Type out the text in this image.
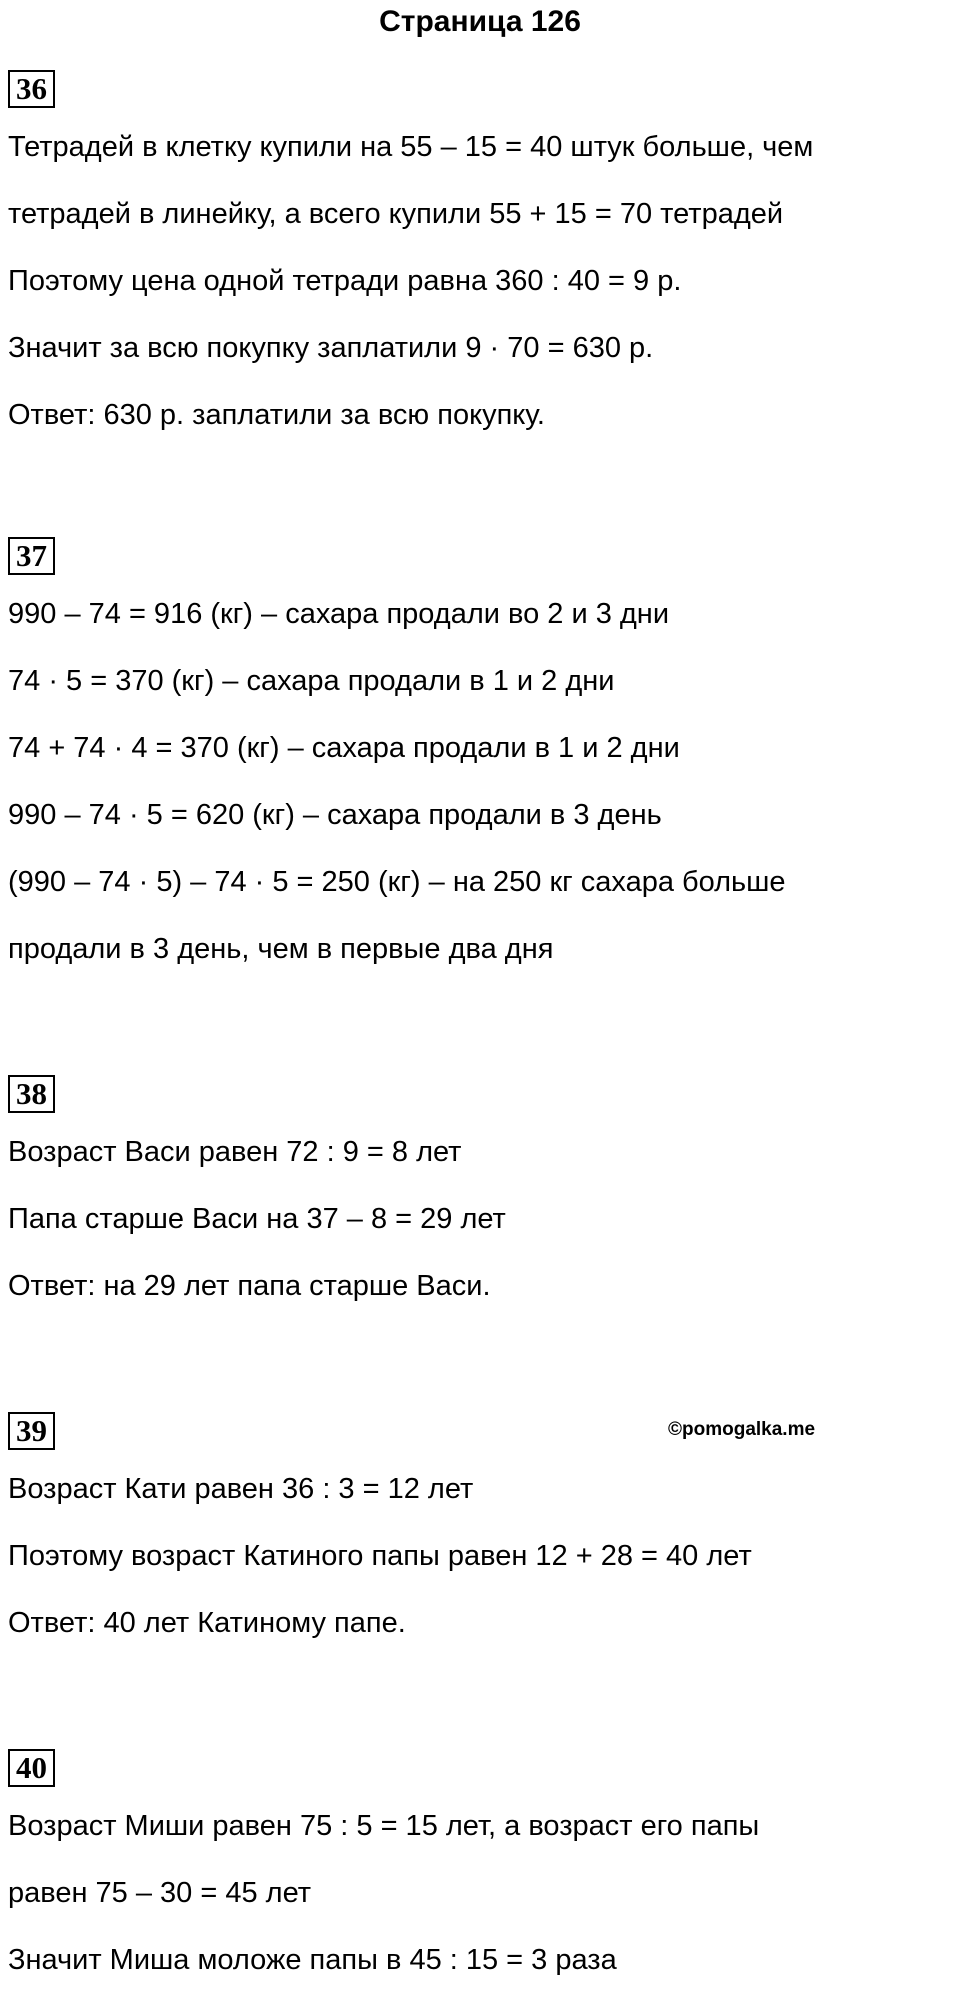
Страница 126
36
Тетрадей в клетку купили на 55 – 15 = 40 штук больше, чем
тетрадей в линейку, а всего купили 55 + 15 = 70 тетрадей
Поэтому цена одной тетради равна 360 : 40 = 9 р.
Значит за всю покупку заплатили 9 · 70 = 630 р.
Ответ: 630 р. заплатили за всю покупку.
37
990 – 74 = 916 (кг) – сахара продали во 2 и 3 дни
74 · 5 = 370 (кг) – сахара продали в 1 и 2 дни
74 + 74 · 4 = 370 (кг) – сахара продали в 1 и 2 дни
990 – 74 · 5 = 620 (кг) – сахара продали в 3 день
(990 – 74 · 5) – 74 · 5 = 250 (кг) – на 250 кг сахара больше
продали в 3 день, чем в первые два дня
38
Возраст Васи равен 72 : 9 = 8 лет
Папа старше Васи на 37 – 8 = 29 лет
Ответ: на 29 лет папа старше Васи.
39
Возраст Кати равен 36 : 3 = 12 лет
Поэтому возраст Катиного папы равен 12 + 28 = 40 лет
Ответ: 40 лет Катиному папе.
©pomogalka.me
40
Возраст Миши равен 75 : 5 = 15 лет, а возраст его папы
равен 75 – 30 = 45 лет
Значит Миша моложе папы в 45 : 15 = 3 раза
